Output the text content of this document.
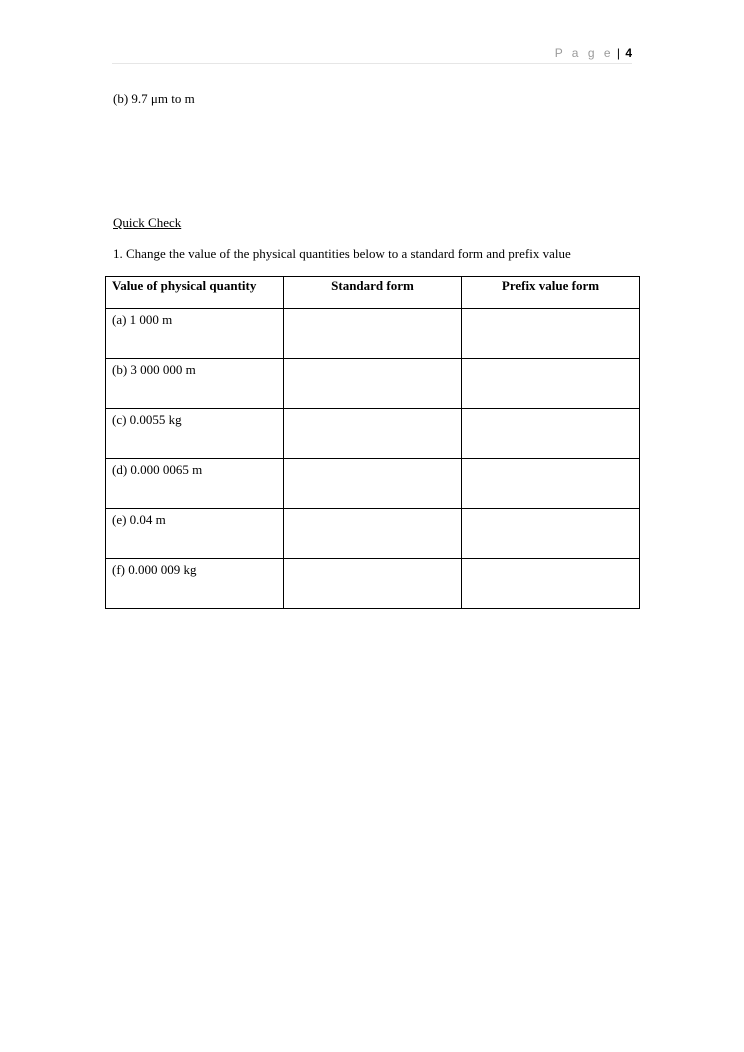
P a g e | 4
(b) 9.7 μm to m
Quick Check
1. Change the value of the physical quantities below to a standard form and prefix value
Value of physical quantity	Standard form	Prefix value form
(a) 1 000 m		
(b) 3 000 000 m		
(c) 0.0055 kg		
(d) 0.000 0065 m		
(e) 0.04 m		
(f) 0.000 009 kg		
